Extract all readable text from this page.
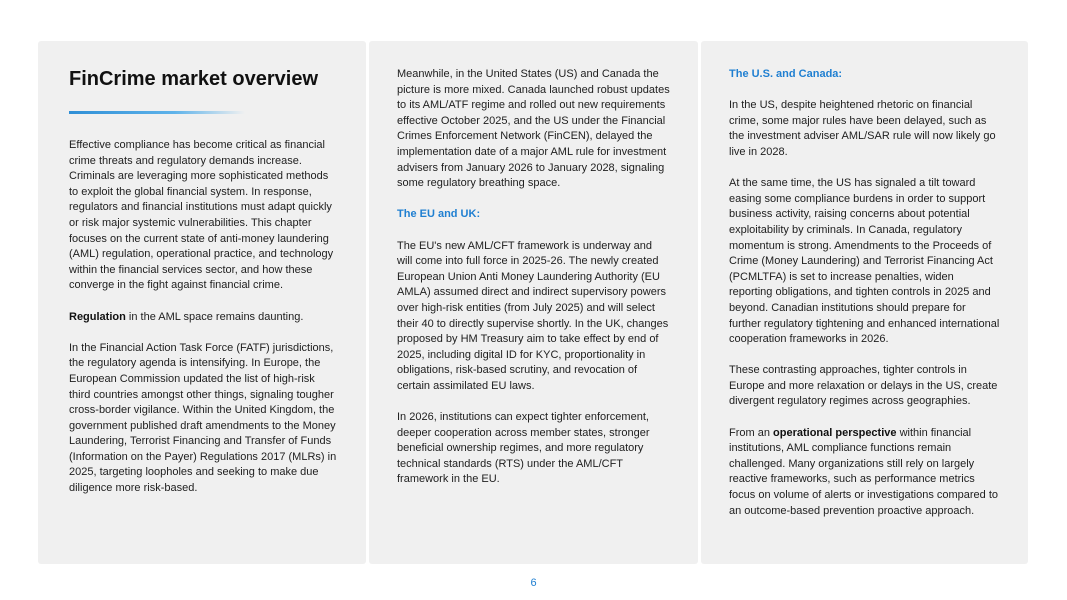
FinCrime market overview

Effective compliance has become critical as financial crime threats and regulatory demands increase. Criminals are leveraging more sophisticated methods to exploit the global financial system. In response, regulators and financial institutions must adapt quickly or risk major systemic vulnerabilities. This chapter focuses on the current state of anti-money laundering (AML) regulation, operational practice, and technology within the financial services sector, and how these converge in the fight against financial crime.

Regulation in the AML space remains daunting.

In the Financial Action Task Force (FATF) jurisdictions, the regulatory agenda is intensifying. In Europe, the European Commission updated the list of high-risk third countries amongst other things, signaling tougher cross-border vigilance. Within the United Kingdom, the government published draft amendments to the Money Laundering, Terrorist Financing and Transfer of Funds (Information on the Payer) Regulations 2017 (MLRs) in 2025, targeting loopholes and seeking to make due diligence more risk-based.

Meanwhile, in the United States (US) and Canada the picture is more mixed. Canada launched robust updates to its AML/ATF regime and rolled out new requirements effective October 2025, and the US under the Financial Crimes Enforcement Network (FinCEN), delayed the implementation date of a major AML rule for investment advisers from January 2026 to January 2028, signaling some regulatory breathing space.

The EU and UK:

The EU's new AML/CFT framework is underway and will come into full force in 2025-26. The newly created European Union Anti Money Laundering Authority (EU AMLA) assumed direct and indirect supervisory powers over high-risk entities (from July 2025) and will select their 40 to directly supervise shortly. In the UK, changes proposed by HM Treasury aim to take effect by end of 2025, including digital ID for KYC, proportionality in obligations, risk-based scrutiny, and revocation of certain assimilated EU laws.

In 2026, institutions can expect tighter enforcement, deeper cooperation across member states, stronger beneficial ownership regimes, and more regulatory technical standards (RTS) under the AML/CFT framework in the EU.

The U.S. and Canada:

In the US, despite heightened rhetoric on financial crime, some major rules have been delayed, such as the investment adviser AML/SAR rule will now likely go live in 2028.

At the same time, the US has signaled a tilt toward easing some compliance burdens in order to support business activity, raising concerns about potential exploitability by criminals. In Canada, regulatory momentum is strong. Amendments to the Proceeds of Crime (Money Laundering) and Terrorist Financing Act (PCMLTFA) is set to increase penalties, widen reporting obligations, and tighten controls in 2025 and beyond. Canadian institutions should prepare for further regulatory tightening and enhanced international cooperation frameworks in 2026.

These contrasting approaches, tighter controls in Europe and more relaxation or delays in the US, create divergent regulatory regimes across geographies.

From an operational perspective within financial institutions, AML compliance functions remain challenged. Many organizations still rely on largely reactive frameworks, such as performance metrics focus on volume of alerts or investigations compared to an outcome-based prevention proactive approach.

6
